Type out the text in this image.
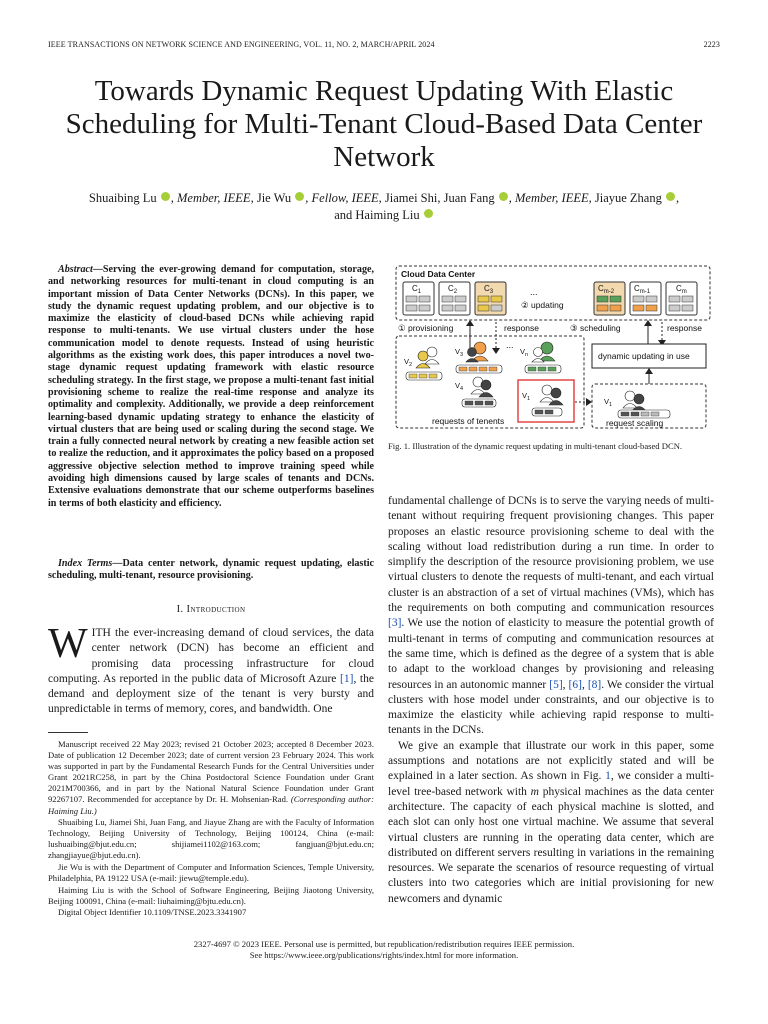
IEEE TRANSACTIONS ON NETWORK SCIENCE AND ENGINEERING, VOL. 11, NO. 2, MARCH/APRIL 2024	2223
Towards Dynamic Request Updating With Elastic Scheduling for Multi-Tenant Cloud-Based Data Center Network
Shuaibing Lu , Member, IEEE, Jie Wu , Fellow, IEEE, Jiamei Shi, Juan Fang , Member, IEEE, Jiayue Zhang ,
and Haiming Liu
Abstract—Serving the ever-growing demand for computation, storage, and networking resources for multi-tenant in cloud computing is an important mission of Data Center Networks (DCNs). In this paper, we study the dynamic request updating problem, and our objective is to maximize the elasticity of cloud-based DCNs while achieving rapid response to multi-tenants. We use virtual clusters under the hose communication model to denote requests. Instead of using heuristic algorithms as the existing work does, this paper introduces a novel two-stage dynamic request updating framework with elastic resource scheduling strategy. In the first stage, we propose a multi-tenant fast initial provisioning scheme to realize the real-time response and analyze its optimality and complexity. Additionally, we provide a deep reinforcement learning-based dynamic updating strategy to enhance the elasticity of virtual clusters that are being used or scaling during the second stage. We train a fully connected neural network by creating a new feasible action set to realize the reduction, and it approximates the policy based on a proposed aggressive objective selection method to improve training speed while avoiding high dimensions caused by large scales of tenants and DCNs. Extensive evaluations demonstrate that our scheme outperforms baselines in terms of both elasticity and efficiency.
Index Terms—Data center network, dynamic request updating, elastic scheduling, multi-tenant, resource provisioning.
I. Introduction
WITH the ever-increasing demand of cloud services, the data center network (DCN) has become an efficient and promising data processing infrastructure for cloud computing. As reported in the public data of Microsoft Azure [1], the demand and deployment size of the tenant is very bursty and unpredictable in terms of memory, cores, and bandwidth. One

Manuscript received 22 May 2023; revised 21 October 2023; accepted 8 December 2023. Date of publication 12 December 2023; date of current version 23 February 2024. This work was supported in part by the Fundamental Research Funds for the Central Universities under Grant 2021RC258, in part by the China Postdoctoral Science Foundation under Grant 2021M700366, and in part by the National Natural Science Foundation under Grant 92267107. Recommended for acceptance by Dr. H. Mohsenian-Rad. (Corresponding author: Haiming Liu.)

Shuaibing Lu, Jiamei Shi, Juan Fang, and Jiayue Zhang are with the Faculty of Information Technology, Beijing University of Technology, Beijing 100124, China (e-mail: lushuaibing@bjut.edu.cn; shijiamei1102@163.com; fangjuan@bjut.edu.cn; zhangjiayue@bjut.edu.cn).

Jie Wu is with the Department of Computer and Information Sciences, Temple University, Philadelphia, PA 19122 USA (e-mail: jiewu@temple.edu).

Haiming Liu is with the School of Software Engineering, Beijing Jiaotong University, Beijing 100091, China (e-mail: liuhaiming@bjtu.edu.cn).

Digital Object Identifier 10.1109/TNSE.2023.3341907

Cloud Data Center
$C_1$	$C_2$	$C_3$	...
② updating
$C_{m-2}$ $C_{m-1}$	$C_m$
① provisioning	response	③ scheduling	response
$V_2$
$V_3$
...
$V_n$
$V_4$
$V_1$
requests of tenents
dynamic updating in use
$V_1$
request scaling
Fig. 1. Illustration of the dynamic request updating in multi-tenant cloud-based DCN.

fundamental challenge of DCNs is to serve the varying needs of multi-tenant without requiring frequent provisioning changes. This paper proposes an elastic resource provisioning scheme to deal with the scaling without load redistribution during a run time. In order to simplify the description of the resource provisioning problem, we use virtual clusters to denote the requests of multi-tenant, and each virtual cluster is an abstraction of a set of virtual machines (VMs), which has the requirements on both computing and communication resources [3]. We use the notion of elasticity to measure the potential growth of multi-tenant in terms of computing and communication resources at the same time, which is defined as the degree of a system that is able to adapt to the workload changes by provisioning and releasing resources in an autonomic manner [5], [6], [8]. We consider the virtual clusters with hose model under constraints, and our objective is to maximize the elasticity while achieving rapid response to multi-tenants in the DCNs.

We give an example that illustrate our work in this paper, some assumptions and notations are not explicitly stated and will be explained in a later section. As shown in Fig. 1, we consider a multi-level tree-based network with m physical machines as the data center architecture. The capacity of each physical machine is slotted, and each slot can only host one virtual machine. We assume that several virtual clusters are running in the operating data center, which are distributed on different servers resulting in variations in the remaining resources. We separate the scenarios of resource requesting of virtual clusters into two categories which are initial provisioning for new newcomers and dynamic

2327-4697 © 2023 IEEE. Personal use is permitted, but republication/redistribution requires IEEE permission.
See https://www.ieee.org/publications/rights/index.html for more information.
